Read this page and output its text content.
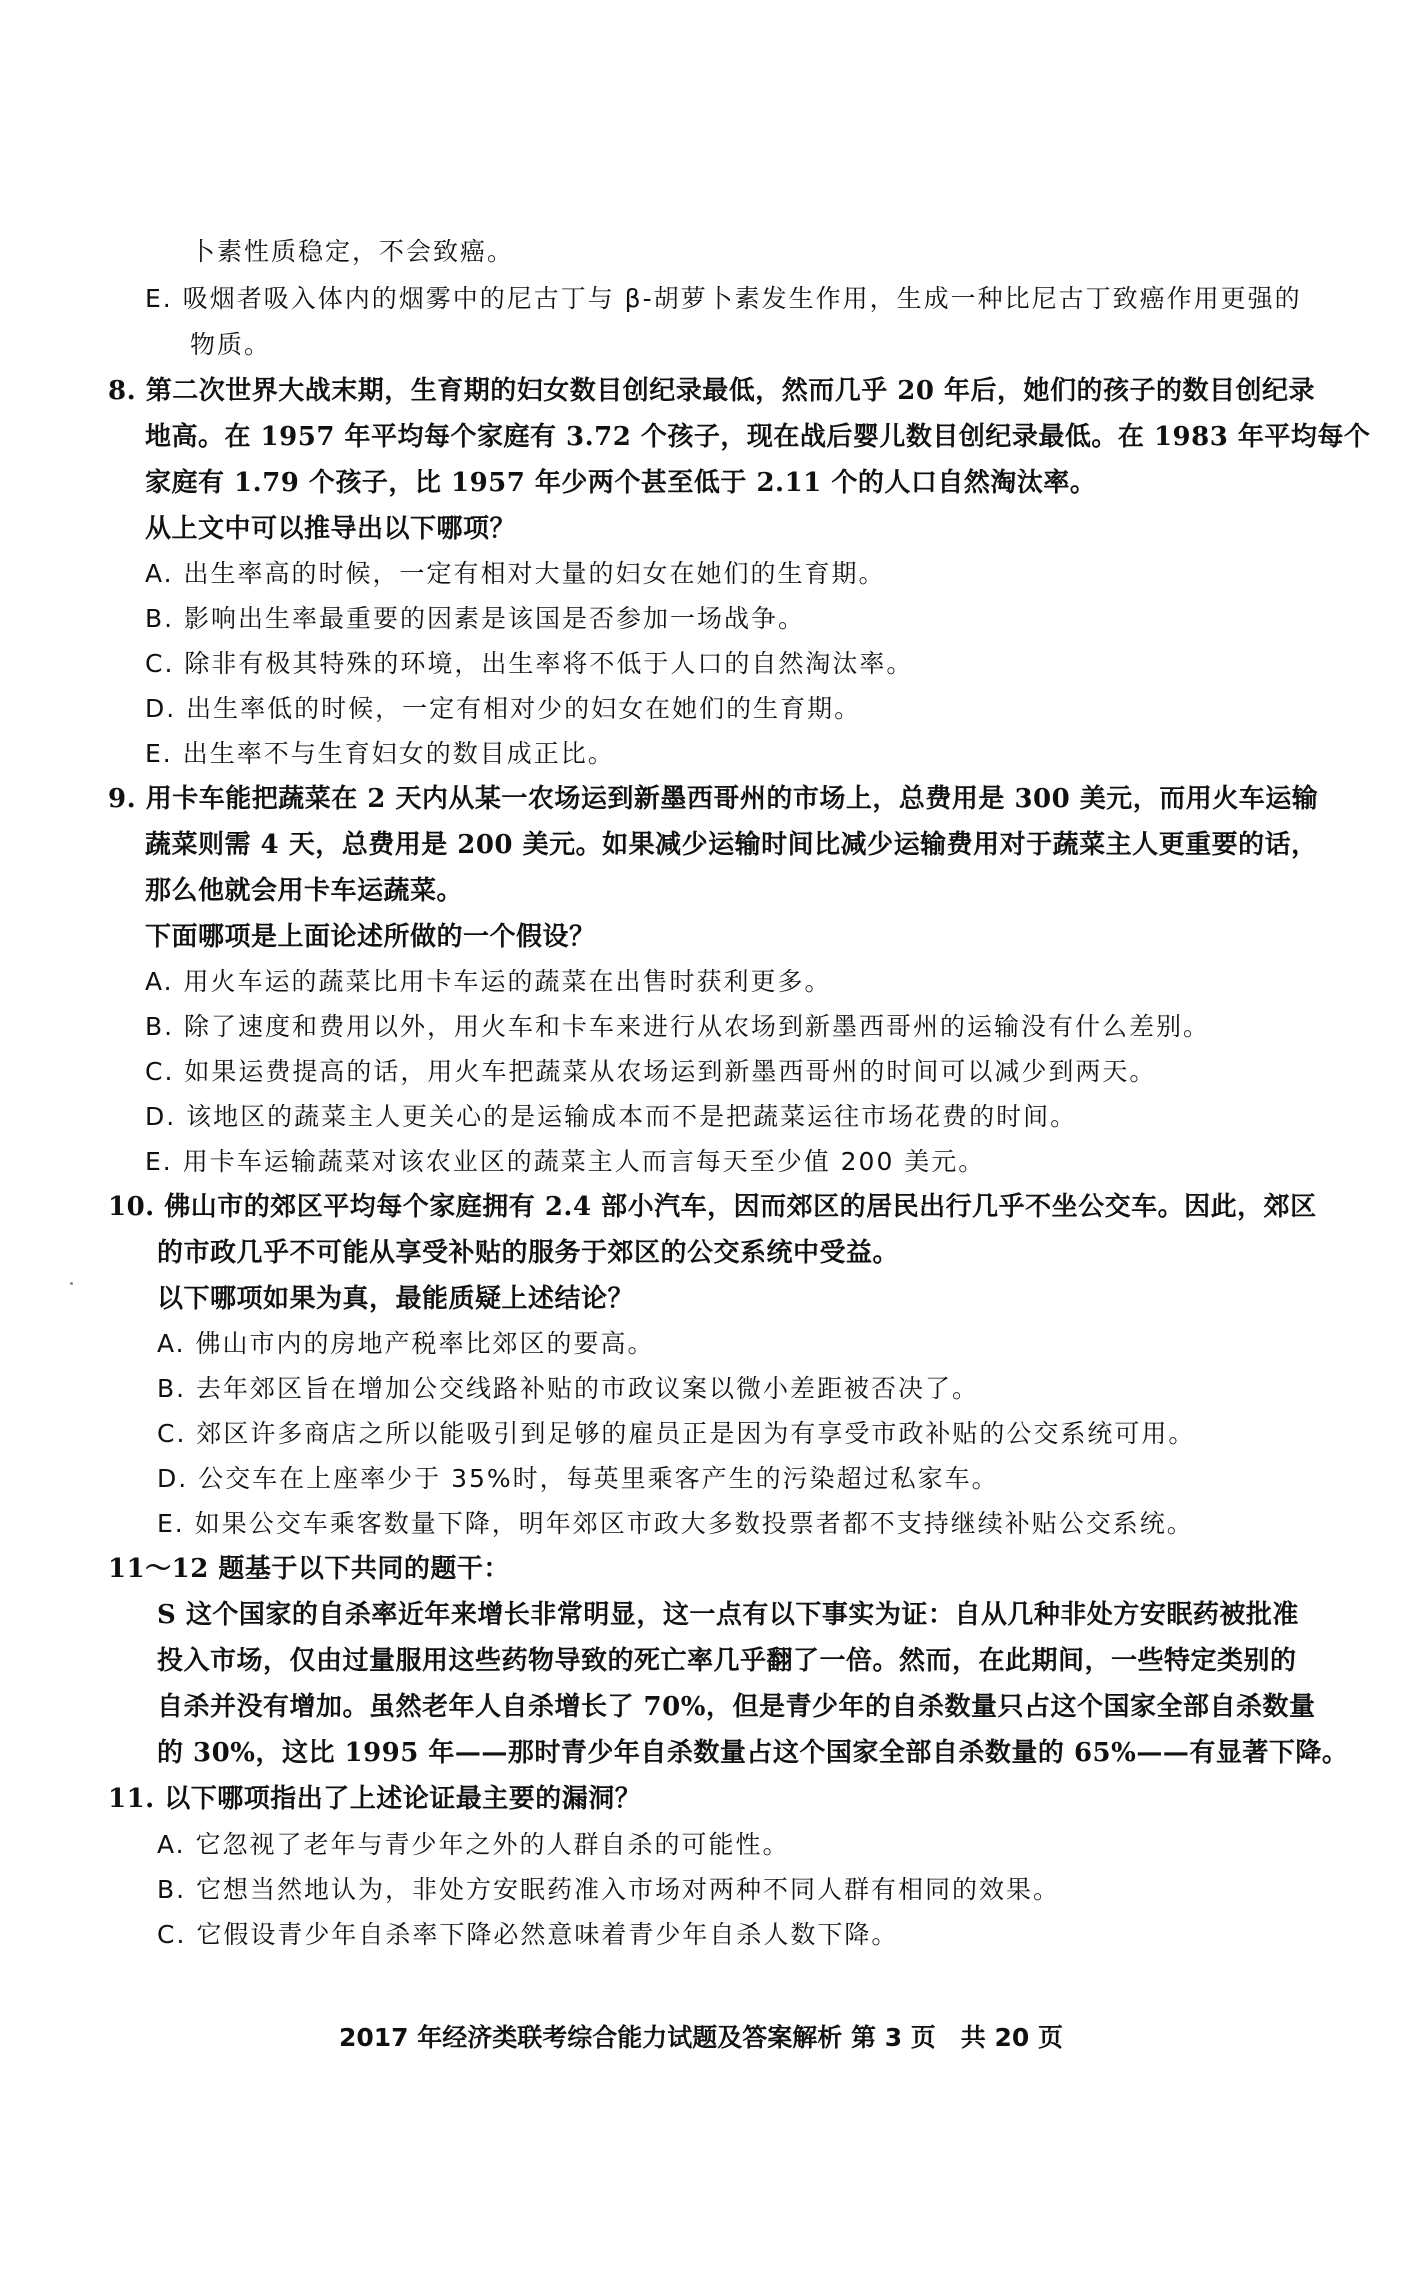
卜素性质稳定，不会致癌。
E. 吸烟者吸入体内的烟雾中的尼古丁与 β-胡萝卜素发生作用，生成一种比尼古丁致癌作用更强的
物质。
8. 第二次世界大战末期，生育期的妇女数目创纪录最低，然而几乎 20 年后，她们的孩子的数目创纪录
地高。在 1957 年平均每个家庭有 3.72 个孩子，现在战后婴儿数目创纪录最低。在 1983 年平均每个
家庭有 1.79 个孩子，比 1957 年少两个甚至低于 2.11 个的人口自然淘汰率。
从上文中可以推导出以下哪项？
A. 出生率高的时候，一定有相对大量的妇女在她们的生育期。
B. 影响出生率最重要的因素是该国是否参加一场战争。
C. 除非有极其特殊的环境，出生率将不低于人口的自然淘汰率。
D. 出生率低的时候，一定有相对少的妇女在她们的生育期。
E. 出生率不与生育妇女的数目成正比。
9. 用卡车能把蔬菜在 2 天内从某一农场运到新墨西哥州的市场上，总费用是 300 美元，而用火车运输
蔬菜则需 4 天，总费用是 200 美元。如果减少运输时间比减少运输费用对于蔬菜主人更重要的话，
那么他就会用卡车运蔬菜。
下面哪项是上面论述所做的一个假设？
A. 用火车运的蔬菜比用卡车运的蔬菜在出售时获利更多。
B. 除了速度和费用以外，用火车和卡车来进行从农场到新墨西哥州的运输没有什么差别。
C. 如果运费提高的话，用火车把蔬菜从农场运到新墨西哥州的时间可以减少到两天。
D. 该地区的蔬菜主人更关心的是运输成本而不是把蔬菜运往市场花费的时间。
E. 用卡车运输蔬菜对该农业区的蔬菜主人而言每天至少值 200 美元。
10. 佛山市的郊区平均每个家庭拥有 2.4 部小汽车，因而郊区的居民出行几乎不坐公交车。因此，郊区
的市政几乎不可能从享受补贴的服务于郊区的公交系统中受益。
以下哪项如果为真，最能质疑上述结论？
A. 佛山市内的房地产税率比郊区的要高。
B. 去年郊区旨在增加公交线路补贴的市政议案以微小差距被否决了。
C. 郊区许多商店之所以能吸引到足够的雇员正是因为有享受市政补贴的公交系统可用。
D. 公交车在上座率少于 35%时，每英里乘客产生的污染超过私家车。
E. 如果公交车乘客数量下降，明年郊区市政大多数投票者都不支持继续补贴公交系统。
11～12 题基于以下共同的题干：
S 这个国家的自杀率近年来增长非常明显，这一点有以下事实为证：自从几种非处方安眠药被批准
投入市场，仅由过量服用这些药物导致的死亡率几乎翻了一倍。然而，在此期间，一些特定类别的
自杀并没有增加。虽然老年人自杀增长了 70%，但是青少年的自杀数量只占这个国家全部自杀数量
的 30%，这比 1995 年——那时青少年自杀数量占这个国家全部自杀数量的 65%——有显著下降。
11. 以下哪项指出了上述论证最主要的漏洞？
A. 它忽视了老年与青少年之外的人群自杀的可能性。
B. 它想当然地认为，非处方安眠药准入市场对两种不同人群有相同的效果。
C. 它假设青少年自杀率下降必然意味着青少年自杀人数下降。
2017 年经济类联考综合能力试题及答案解析 第 3 页　共 20 页
